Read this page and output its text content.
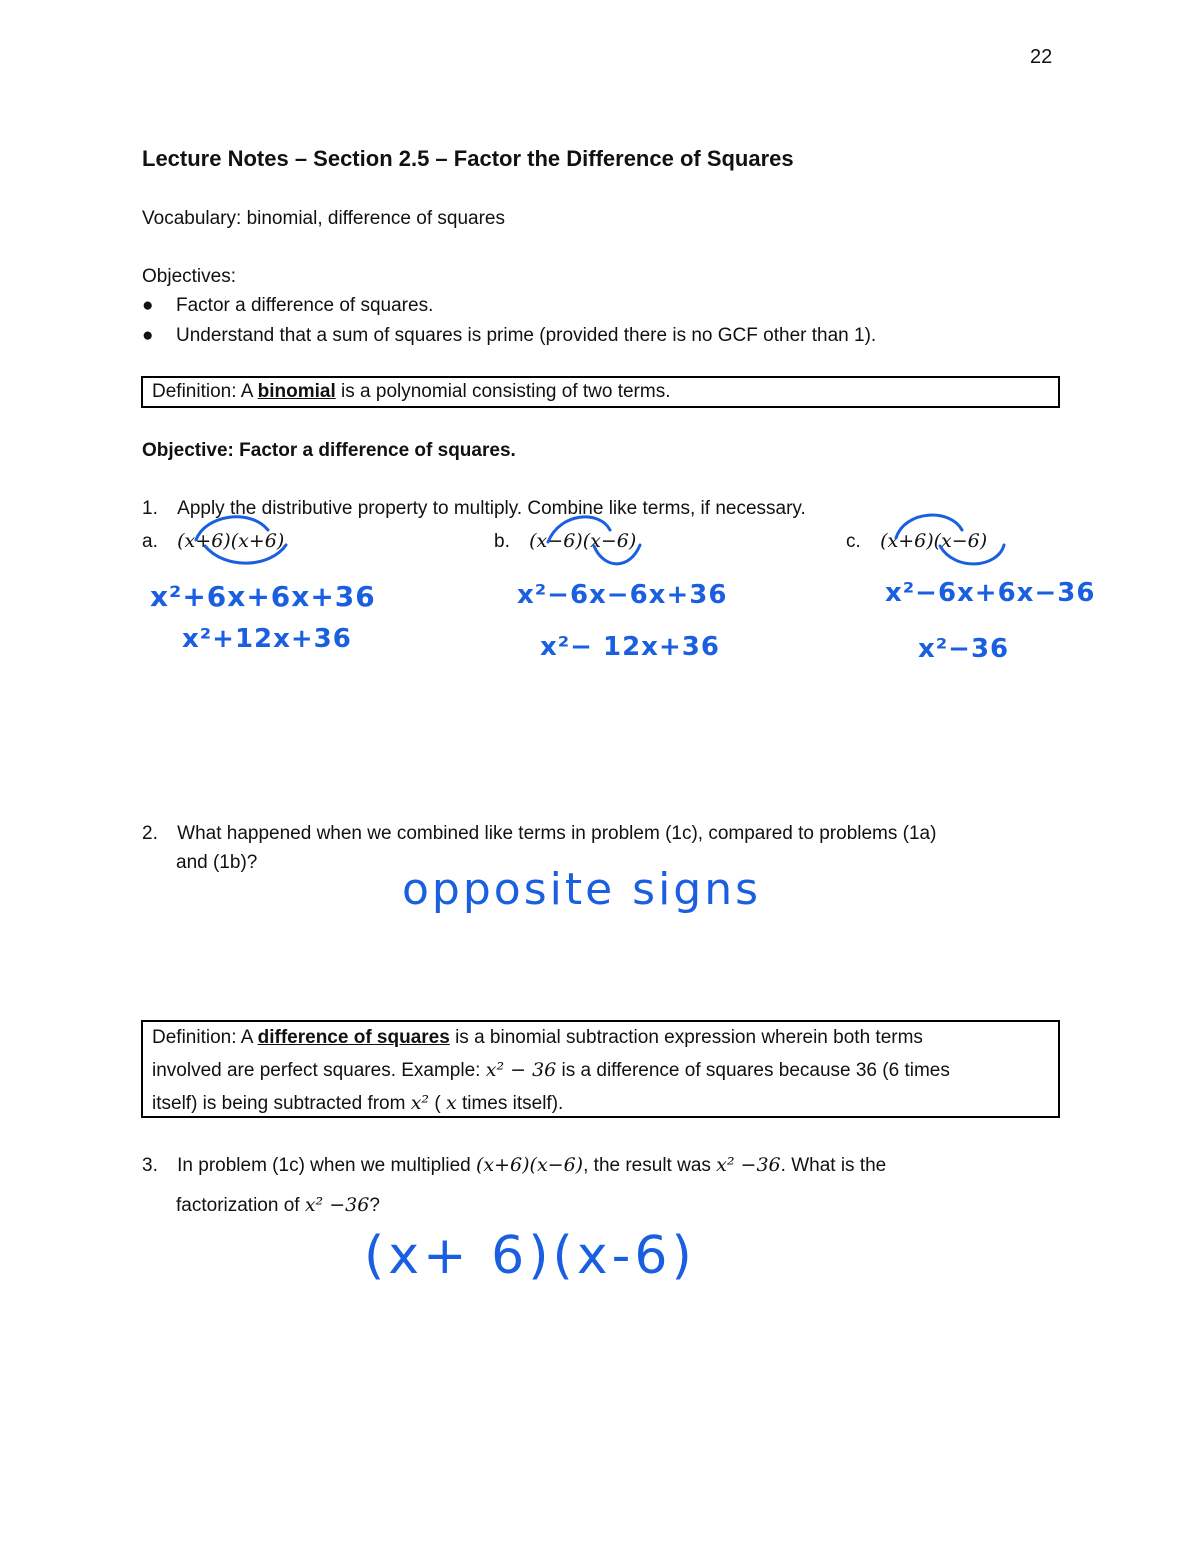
22
Lecture Notes – Section 2.5 – Factor the Difference of Squares
Vocabulary: binomial, difference of squares
Objectives:
● Factor a difference of squares.
● Understand that a sum of squares is prime (provided there is no GCF other than 1).
Definition: A binomial is a polynomial consisting of two terms.
Objective: Factor a difference of squares.
1. Apply the distributive property to multiply. Combine like terms, if necessary.
a. (x+6)(x+6)	b. (x−6)(x−6)	c. (x+6)(x−6)
x²+6x+6x+36
x²+12x+36
x²−6x−6x+36
x²− 12x+36
x²−6x+6x−36
x²−36
2. What happened when we combined like terms in problem (1c), compared to problems (1a)
and (1b)?
opposite signs
Definition: A difference of squares is a binomial subtraction expression wherein both terms
involved are perfect squares. Example: x² − 36 is a difference of squares because 36 (6 times
itself) is being subtracted from x² ( x times itself).
3. In problem (1c) when we multiplied (x+6)(x−6), the result was x² −36. What is the
factorization of x² −36?
(x+ 6)(x-6)
